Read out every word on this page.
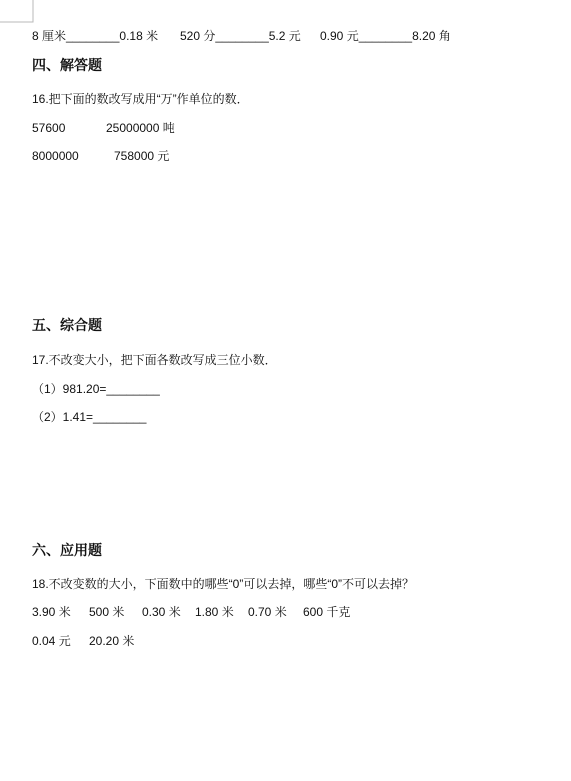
8 厘米________0.18 米 520 分________5.2 元 0.90 元________8.20 角
四、解答题
16.把下面的数改写成用“万”作单位的数．
57600	25000000 吨
8000000	758000 元
五、综合题
17.不改变大小，把下面各数改写成三位小数．
（1）981.20=________
（2）1.41=________
六、应用题
18.不改变数的大小，下面数中的哪些“0”可以去掉，哪些“0”不可以去掉？
3.90 米 500 米 0.30 米 1.80 米 0.70 米 600 千克
0.04 元 20.20 米
